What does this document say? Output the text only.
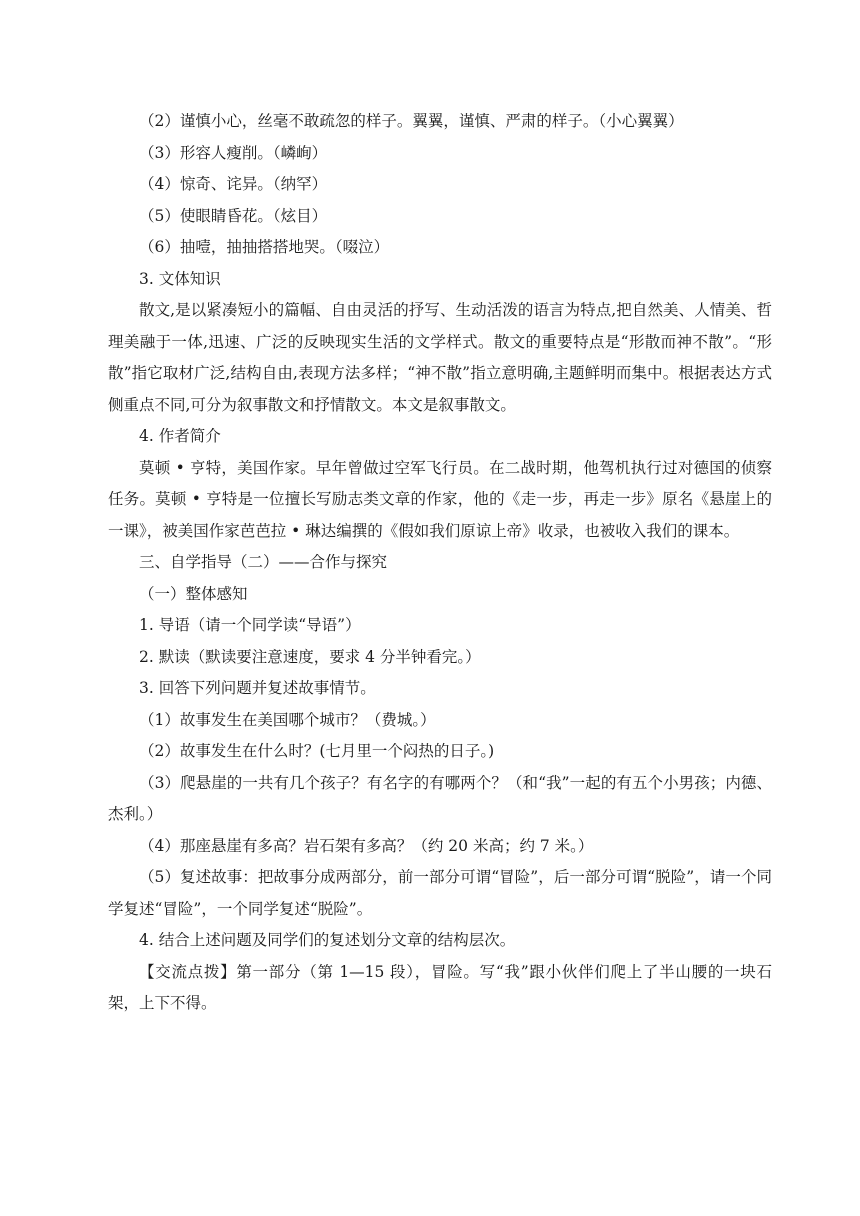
（2）谨慎小心，丝毫不敢疏忽的样子。翼翼，谨慎、严肃的样子。（小心翼翼）
（3）形容人瘦削。（嶙峋）
（4）惊奇、诧异。（纳罕）
（5）使眼睛昏花。（炫目）
（6）抽噎，抽抽搭搭地哭。（啜泣）
3. 文体知识
散文,是以紧凑短小的篇幅、自由灵活的抒写、生动活泼的语言为特点,把自然美、人情美、哲理美融于一体,迅速、广泛的反映现实生活的文学样式。散文的重要特点是“形散而神不散”。“形散”指它取材广泛,结构自由,表现方法多样；“神不散”指立意明确,主题鲜明而集中。根据表达方式侧重点不同,可分为叙事散文和抒情散文。本文是叙事散文。
4. 作者简介
莫顿 • 亨特，美国作家。早年曾做过空军飞行员。在二战时期，他驾机执行过对德国的侦察任务。莫顿 • 亨特是一位擅长写励志类文章的作家，他的《走一步，再走一步》原名《悬崖上的一课》，被美国作家芭芭拉 • 琳达编撰的《假如我们原谅上帝》收录，也被收入我们的课本。
三、自学指导（二）——合作与探究
（一）整体感知
1. 导语（请一个同学读“导语”）
2. 默读（默读要注意速度，要求 4 分半钟看完。）
3. 回答下列问题并复述故事情节。
（1）故事发生在美国哪个城市？（费城。）
（2）故事发生在什么时？(七月里一个闷热的日子。)
（3）爬悬崖的一共有几个孩子？有名字的有哪两个？（和“我”一起的有五个小男孩；内德、杰利。）
（4）那座悬崖有多高？岩石架有多高？（约 20 米高；约 7 米。）
（5）复述故事：把故事分成两部分，前一部分可谓“冒险”，后一部分可谓“脱险”，请一个同学复述“冒险”，一个同学复述“脱险”。
4. 结合上述问题及同学们的复述划分文章的结构层次。
【交流点拨】第一部分（第 1—15 段），冒险。写“我”跟小伙伴们爬上了半山腰的一块石架，上下不得。
